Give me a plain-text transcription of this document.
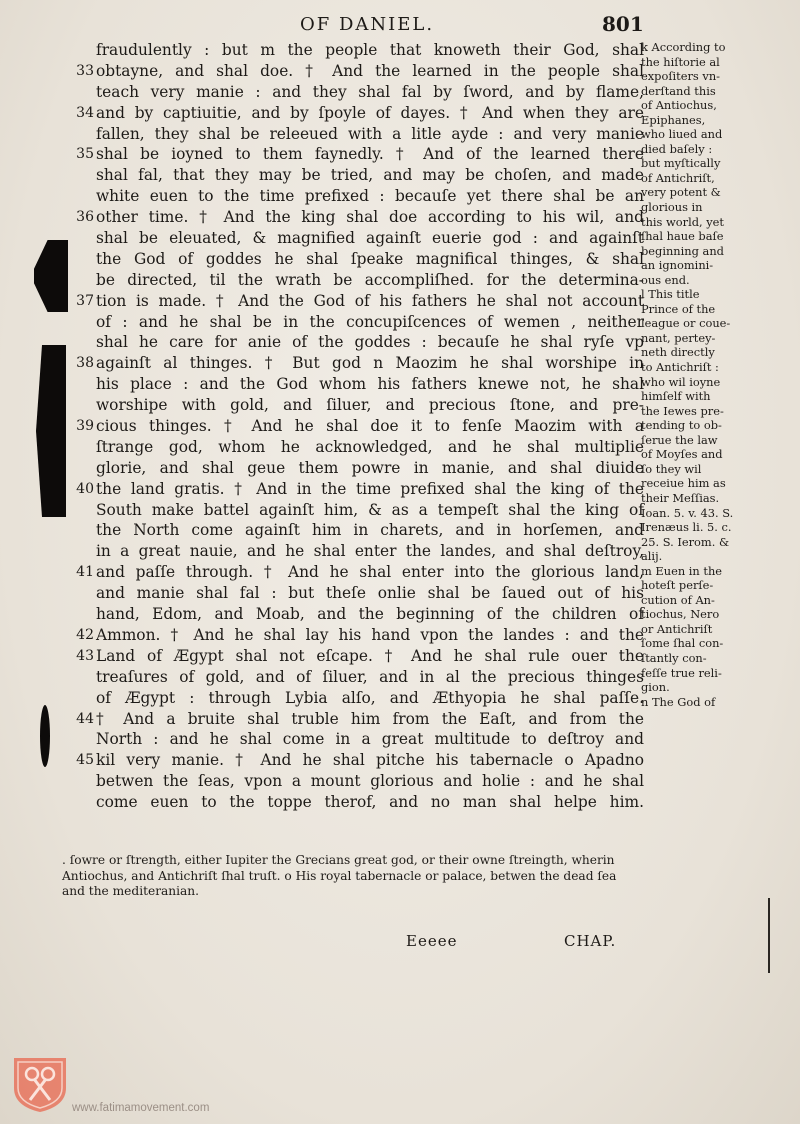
OF DANIEL.	801
fraudulently : but m the people that knoweth their God, shal
33 obtayne, and shal doe. † And the learned in the people shal
teach very manie : and they shal fal by ſword, and by flame,
34 and by captiuitie, and by ſpoyle of dayes. † And when they are
fallen, they shal be releeued with a litle ayde : and very manie
35 shal be ioyned to them faynedly. † And of the learned there
shal fal, that they may be tried, and may be choſen, and made
white euen to the time prefixed : becauſe yet there shal be an
36 other time. † And the king shal doe according to his wil, and
shal be eleuated, & magnified againſt euerie god : and againſt
the God of goddes he shal ſpeake magnifical thinges, & shal
be directed, til the wrath be accompliſhed. for the determina-
37 tion is made. † And the God of his fathers he shal not account
of : and he shal be in the concupiſcences of wemen , neither
shal he care for anie of the goddes : becauſe he shal ryſe vp
38 againſt al thinges. † But god n Maozim he shal worshipe in
his place : and the God whom his fathers knewe not, he shal
worshipe with gold, and ſiluer, and precious ſtone, and pre-
39 cious thinges. † And he shal doe it to fenſe Maozim with a
ſtrange god, whom he acknowledged, and he shal multiplie
glorie, and shal geue them powre in manie, and shal diuide
40 the land gratis. † And in the time prefixed shal the king of the
South make battel againſt him, & as a tempeſt shal the king of
the North come againſt him in charets, and in horſemen, and
in a great nauie, and he shal enter the landes, and shal deſtroy,
41 and paſſe through. † And he shal enter into the glorious land,
and manie shal fal : but theſe onlie shal be ſaued out of his
hand, Edom, and Moab, and the beginning of the children of
42 Ammon. † And he shal lay his hand vpon the landes : and the
43 Land of Ægypt shal not eſcape. † And he shal rule ouer the
treaſures of gold, and of ſiluer, and in al the precious thinges
of Ægypt : through Lybia alſo, and Æthyopia he shal paſſe.
44 † And a bruite shal truble him from the Eaſt, and from the
North : and he shal come in a great multitude to deſtroy and
45 kil very manie. † And he shal pitche his tabernacle o Apadno
betwen the ſeas, vpon a mount glorious and holie : and he shal
come euen to the toppe therof, and no man shal helpe him.
k According to
the hiſtorie al
expoſiters vn-
derſtand this
of Antiochus,
Epiphanes,
who liued and
died baſely :
but myſtically
of Antichriſt,
very potent &
glorious in
this world, yet
ſhal haue baſe
beginning and
an ignomini-
ous end.
l This title
Prince of the
league or coue-
nant, pertey-
neth directly
to Antichriſt :
who wil ioyne
himſelf with
the Iewes pre-
tending to ob-
ſerue the law
of Moyſes and
ſo they wil
receiue him as
their Meſſias.
Ioan. 5. v. 43. S.
Irenæus li. 5. c.
25. S. Ierom. &
alij.
m Euen in the
hoteſt perſe-
cution of An-
tiochus, Nero
or Antichriſt
ſome ſhal con-
ſtantly con-
feſſe true reli-
gion.
n The God of
. ſowre or ſtrength, either Iupiter the Grecians great god, or their owne ſtreingth, wherin
Antiochus, and Antichriſt ſhal truſt. o His royal tabernacle or palace, betwen the dead ſea
and the mediteranian.
Eeeee	CHAP.
www.fatimamovement.com
